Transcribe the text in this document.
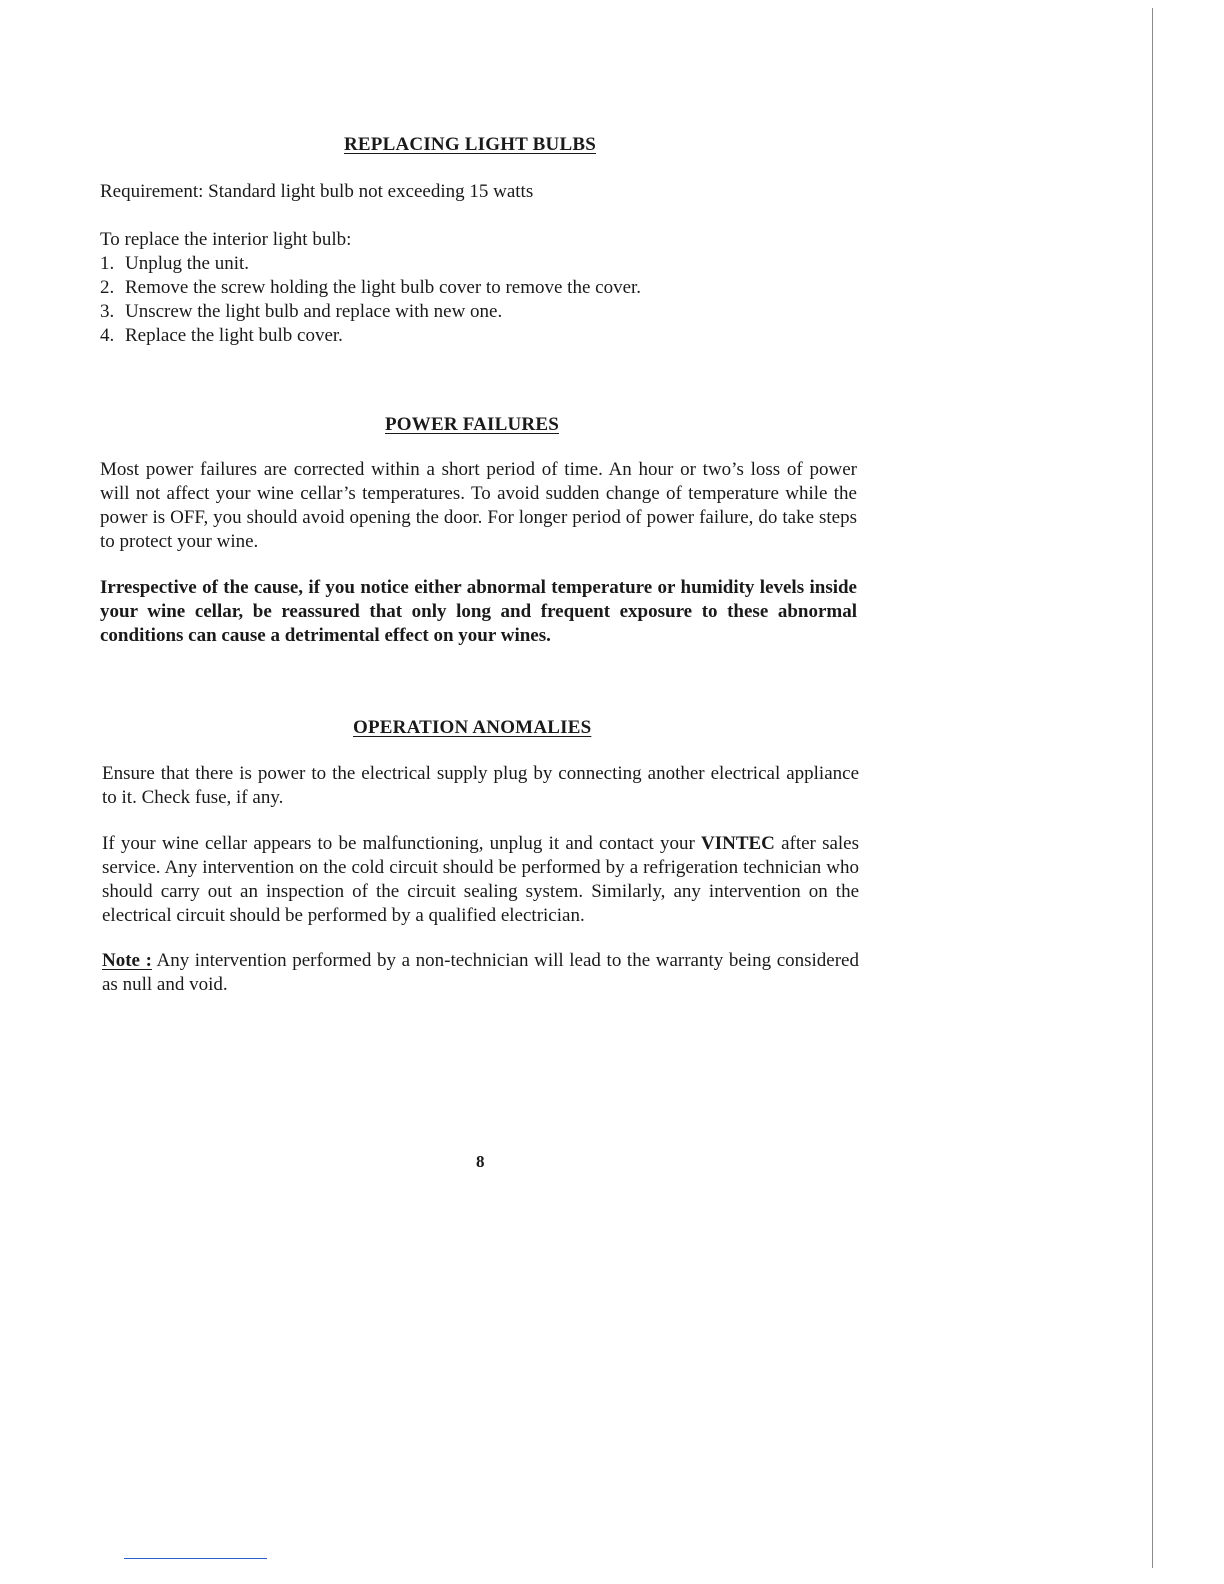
REPLACING LIGHT BULBS
Requirement: Standard light bulb not exceeding 15 watts
To replace the interior light bulb:
1. Unplug the unit.
2. Remove the screw holding the light bulb cover to remove the cover.
3. Unscrew the light bulb and replace with new one.
4. Replace the light bulb cover.
POWER FAILURES
Most power failures are corrected within a short period of time. An hour or two’s loss of power will not affect your wine cellar’s temperatures. To avoid sudden change of temperature while the power is OFF, you should avoid opening the door. For longer period of power failure, do take steps to protect your wine.
Irrespective of the cause, if you notice either abnormal temperature or humidity levels inside your wine cellar, be reassured that only long and frequent exposure to these abnormal conditions can cause a detrimental effect on your wines.
OPERATION ANOMALIES
Ensure that there is power to the electrical supply plug by connecting another electrical appliance to it. Check fuse, if any.
If your wine cellar appears to be malfunctioning, unplug it and contact your VINTEC after sales service. Any intervention on the cold circuit should be performed by a refrigeration technician who should carry out an inspection of the circuit sealing system. Similarly, any intervention on the electrical circuit should be performed by a qualified electrician.
Note : Any intervention performed by a non-technician will lead to the warranty being considered as null and void.
8
